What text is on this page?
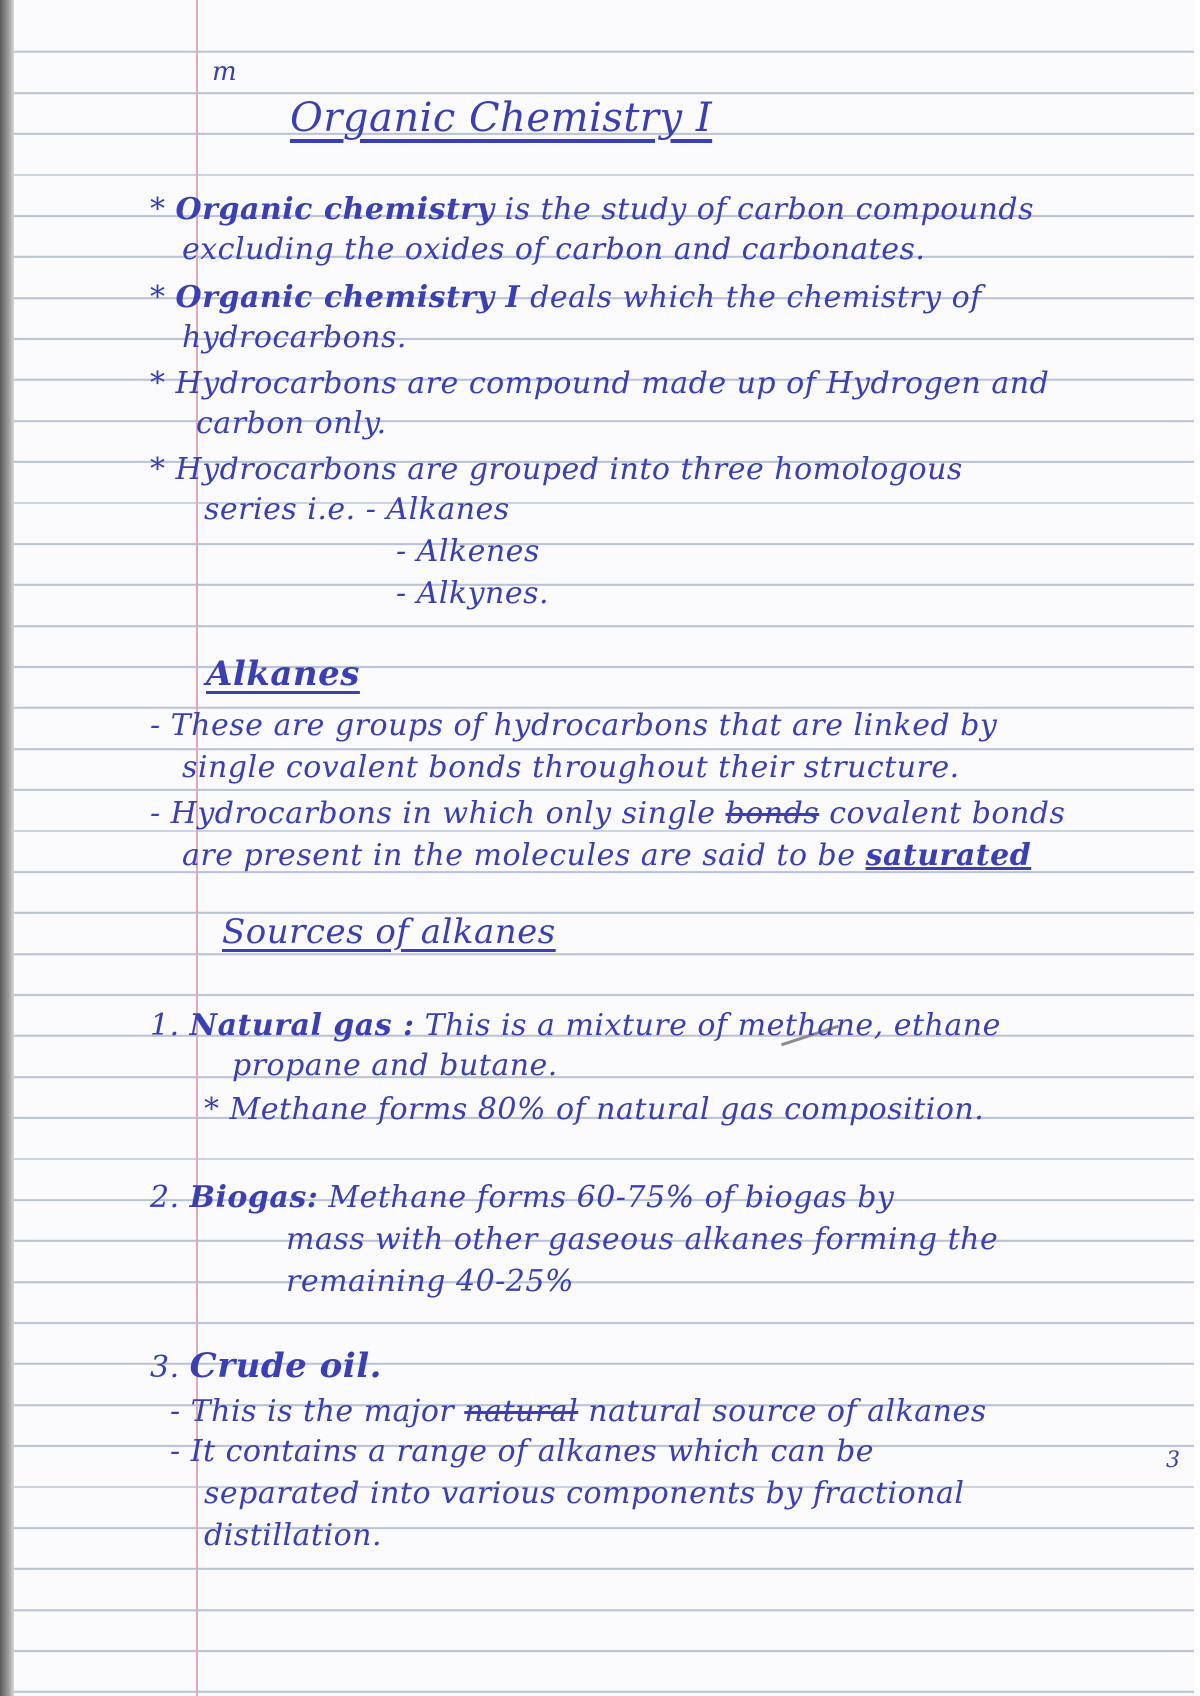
m
Organic Chemistry I
* Organic chemistry is the study of carbon compounds
excluding the oxides of carbon and carbonates.
* Organic chemistry I deals which the chemistry of
hydrocarbons.
* Hydrocarbons are compound made up of Hydrogen and
carbon only.
* Hydrocarbons are grouped into three homologous
series i.e. - Alkanes
- Alkenes
- Alkynes.
Alkanes
- These are groups of hydrocarbons that are linked by
single covalent bonds throughout their structure.
- Hydrocarbons in which only single bonds covalent bonds
are present in the molecules are said to be saturated
Sources of alkanes
1. Natural gas : This is a mixture of methane, ethane
propane and butane.
* Methane forms 80% of natural gas composition.
2. Biogas: Methane forms 60-75% of biogas by
mass with other gaseous alkanes forming the
remaining 40-25%
3. Crude oil.
- This is the major natural natural source of alkanes
- It contains a range of alkanes which can be
separated into various components by fractional
distillation.
3
